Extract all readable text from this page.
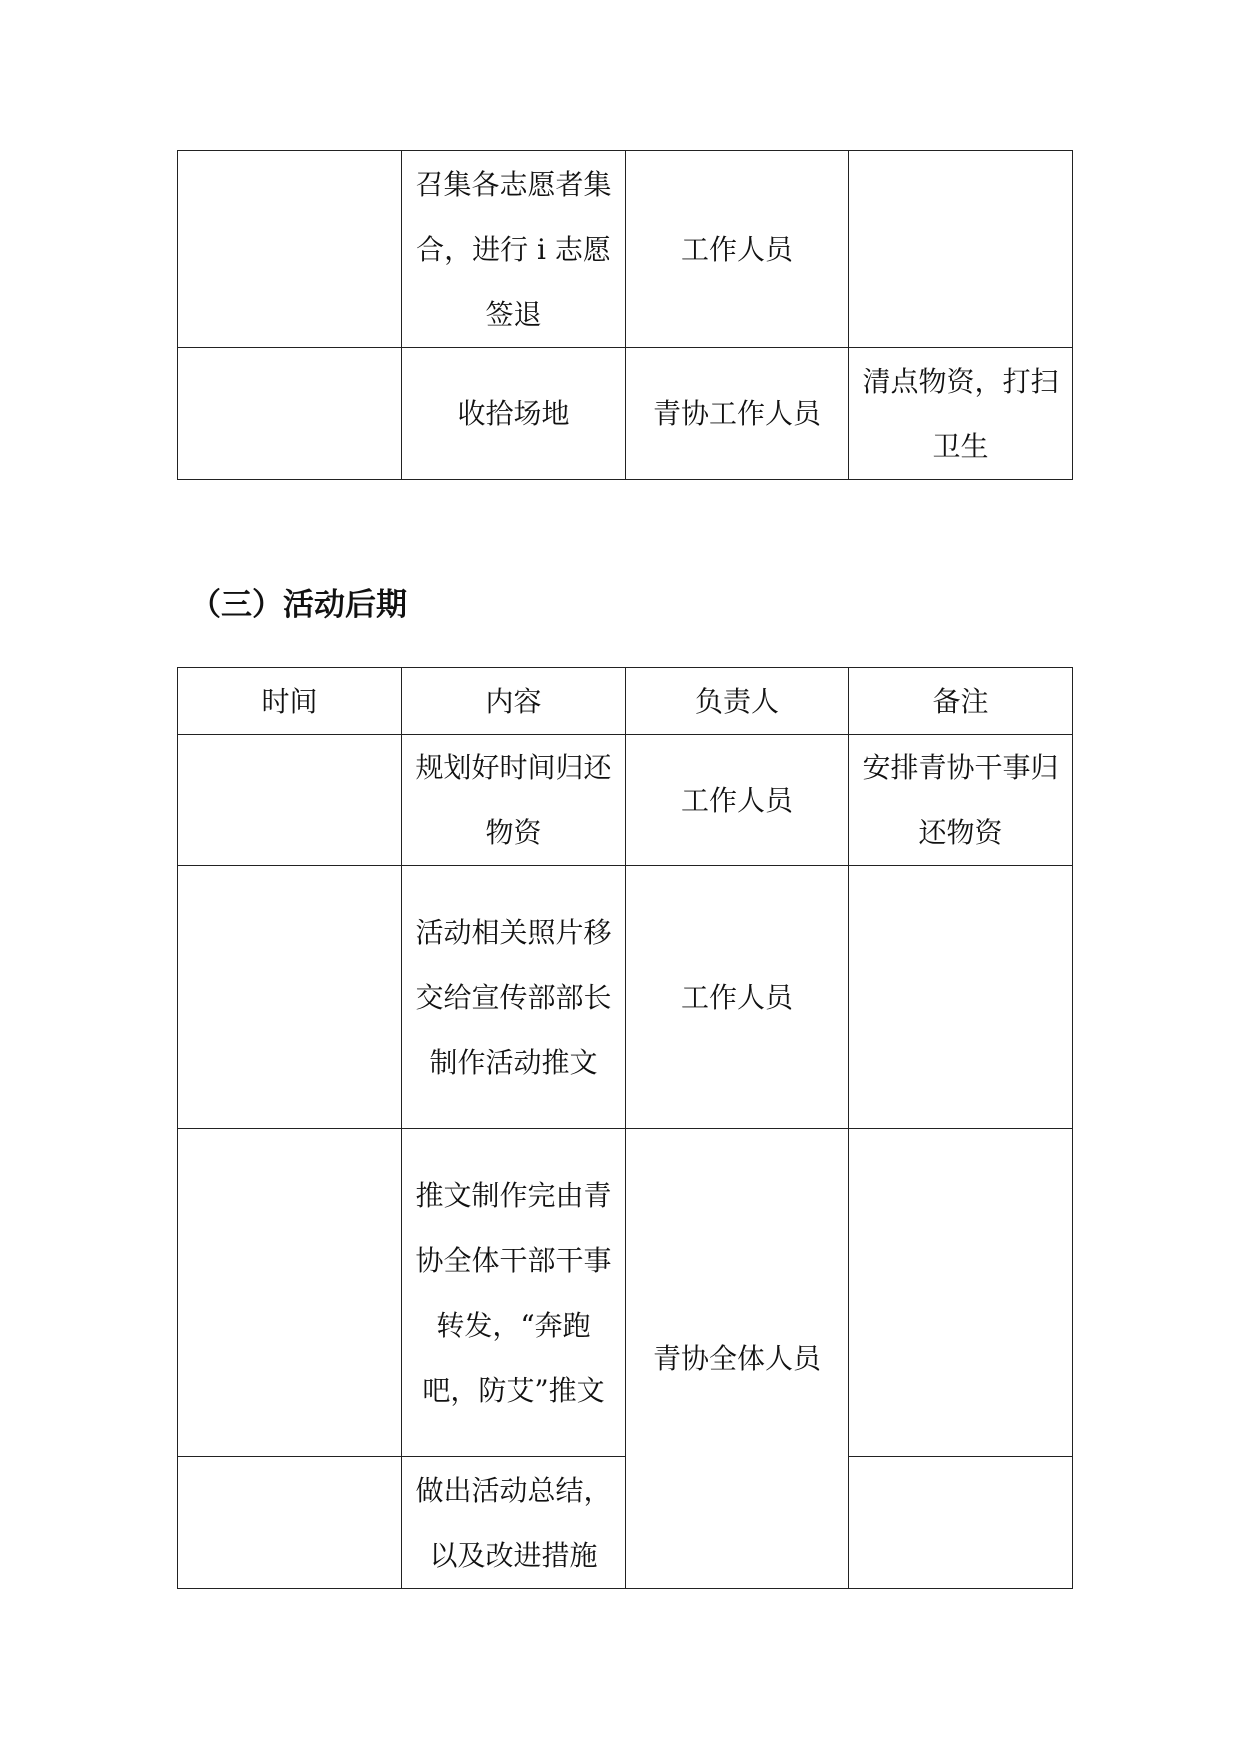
	召集各志愿者集合，进行 i 志愿签退	工作人员	
	收拾场地	青协工作人员	清点物资，打扫卫生
（三）活动后期
时间	内容	负责人	备注
	规划好时间归还物资	工作人员	安排青协干事归还物资
	活动相关照片移交给宣传部部长制作活动推文	工作人员	
	推文制作完由青协全体干部干事转发，“奔跑吧，防艾”推文	青协全体人员	
	做出活动总结，以及改进措施		
